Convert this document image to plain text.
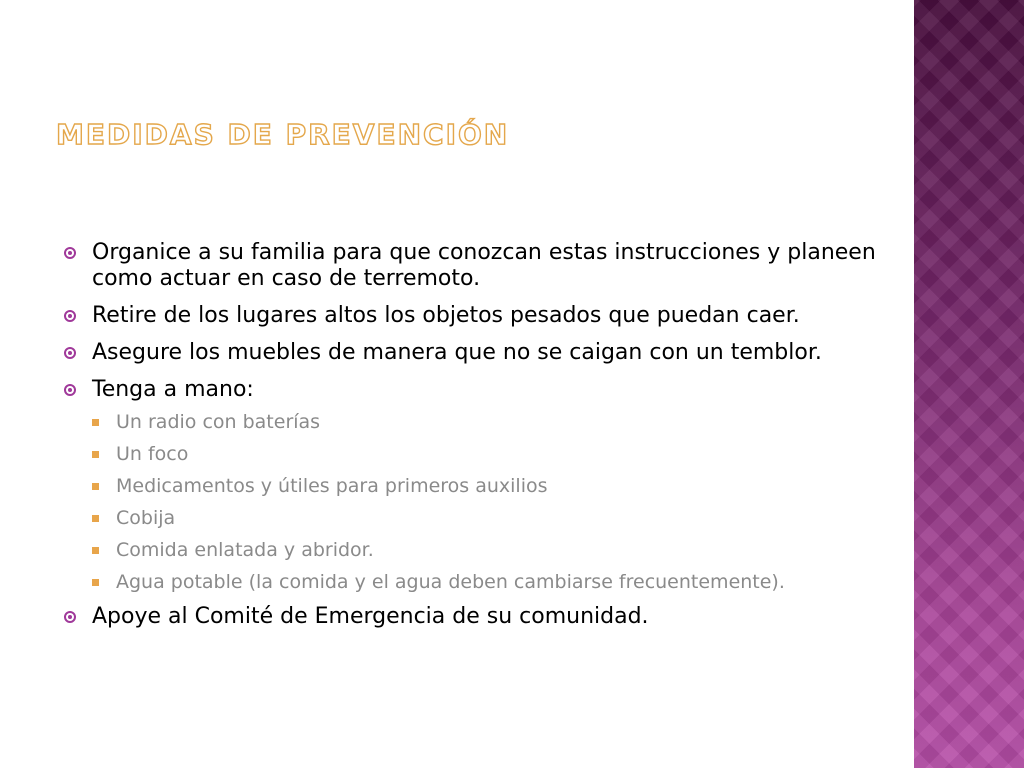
MEDIDAS DE PREVENCIÓN
Organice a su familia para que conozcan estas instrucciones y planeen como actuar en caso de terremoto.
Retire de los lugares altos los objetos pesados que puedan caer.
Asegure los muebles de manera que no se caigan con un temblor.
Tenga a mano:
Un radio con baterías
Un foco
Medicamentos y útiles para primeros auxilios
Cobija
Comida enlatada y abridor.
Agua potable (la comida y el agua deben cambiarse frecuentemente).
Apoye al Comité de Emergencia de su comunidad.
